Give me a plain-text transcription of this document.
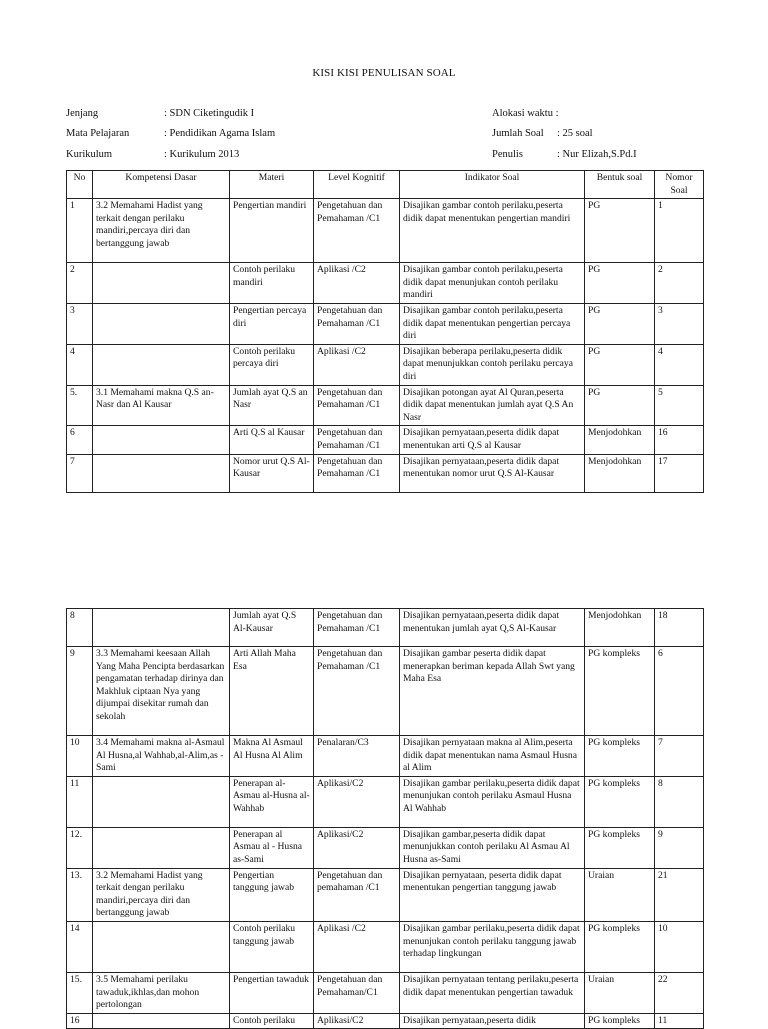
KISI KISI PENULISAN SOAL
Jenjang	: SDN Ciketingudik I
Mata Pelajaran	: Pendidikan Agama Islam
Kurikulum	: Kurikulum 2013
Alokasi waktu :
Jumlah Soal : 25 soal
Penulis	: Nur Elizah,S.Pd.I
No	Kompetensi Dasar	Materi	Level Kognitif	Indikator Soal	Bentuk soal	Nomor Soal
1	3.2 Memahami Hadist yang terkait dengan perilaku mandiri,percaya diri dan bertanggung jawab	Pengertian mandiri	Pengetahuan dan Pemahaman /C1	Disajikan gambar contoh perilaku,peserta didik dapat menentukan pengertian mandiri	PG	1
2		Contoh perilaku mandiri	Aplikasi /C2	Disajikan gambar contoh perilaku,peserta didik dapat menunjukan contoh perilaku mandiri	PG	2
3		Pengertian percaya diri	Pengetahuan dan Pemahaman /C1	Disajikan gambar contoh perilaku,peserta didik dapat menentukan pengertian percaya diri	PG	3
4		Contoh perilaku percaya diri	Aplikasi /C2	Disajikan beberapa perilaku,peserta didik dapat menunjukkan contoh perilaku percaya diri	PG	4
5.	3.1 Memahami makna Q.S an-Nasr dan Al Kausar	Jumlah ayat Q.S an Nasr	Pengetahuan dan Pemahaman /C1	Disajikan potongan ayat Al Quran,peserta didik dapat menentukan jumlah ayat Q.S An Nasr	PG	5
6		Arti Q.S al Kausar	Pengetahuan dan Pemahaman /C1	Disajikan pernyataan,peserta didik dapat menentukan arti Q.S al Kausar	Menjodohkan	16
7		Nomor urut Q.S Al-Kausar	Pengetahuan dan Pemahaman /C1	Disajikan pernyataan,peserta didik dapat menentukan nomor urut Q.S Al-Kausar	Menjodohkan	17
8		Jumlah ayat Q.S Al-Kausar	Pengetahuan dan Pemahaman /C1	Disajikan pernyataan,peserta didik dapat menentukan jumlah ayat Q,S Al-Kausar	Menjodohkan	18
9	3.3 Memahami keesaan Allah Yang Maha Pencipta berdasarkan pengamatan terhadap dirinya dan Makhluk ciptaan Nya yang dijumpai disekitar rumah dan sekolah	Arti Allah Maha Esa	Pengetahuan dan Pemahaman /C1	Disajikan gambar peserta didik dapat menerapkan beriman kepada Allah Swt yang Maha Esa	PG kompleks	6
10	3.4 Memahami makna al-Asmaul Al Husna,al Wahhab,al-Alim,as -Sami	Makna Al Asmaul Al Husna Al Alim	Penalaran/C3	Disajikan pernyataan makna al Alim,peserta didik dapat menentukan nama Asmaul Husna al Alim	PG kompleks	7
11		Penerapan al-Asmau al-Husna al-Wahhab	Aplikasi/C2	Disajikan gambar perilaku,peserta didik dapat menunjukan contoh perilaku Asmaul Husna Al Wahhab	PG kompleks	8
12.		Penerapan al Asmau al - Husna as-Sami	Aplikasi/C2	Disajikan gambar,peserta didik dapat menunjukkan contoh perilaku Al Asmau Al Husna as-Sami	PG kompleks	9
13.	3.2 Memahami Hadist yang terkait dengan perilaku mandiri,percaya diri dan bertanggung jawab	Pengertian tanggung jawab	Pengetahuan dan pemahaman /C1	Disajikan pernyataan, peserta didik dapat menentukan pengertian tanggung jawab	Uraian	21
14		Contoh perilaku tanggung jawab	Aplikasi /C2	Disajikan gambar perilaku,peserta didik dapat menunjukan contoh perilaku tanggung jawab terhadap lingkungan	PG kompleks	10
15.	3.5 Memahami perilaku tawaduk,ikhlas,dan mohon pertolongan	Pengertian tawaduk	Pengetahuan dan Pemahaman/C1	Disajikan pernyataan tentang perilaku,peserta didik dapat menentukan pengertian tawaduk	Uraian	22
16		Contoh perilaku	Aplikasi/C2	Disajikan pernyataan,peserta didik	PG kompleks	11
